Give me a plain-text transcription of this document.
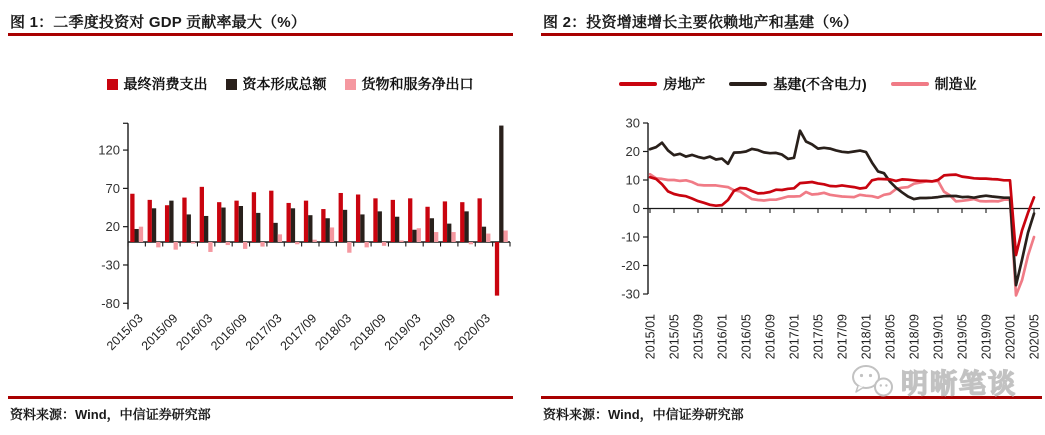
图 1：二季度投资对 GDP 贡献率最大（%）
最终消费支出	资本形成总额	货物和服务净出口
120
70
20
-30
-80
2015/03
2015/09
2016/03
2016/09
2017/03
2017/09
2018/03
2018/09
2019/03
2019/09
2020/03
资料来源：Wind，中信证券研究部
图 2：投资增速增长主要依赖地产和基建（%）
房地产	基建(不含电力)	制造业
30
20
10
0
-10
-20
-30
2015/01 2015/05 2015/09 2016/01 2016/05 2016/09 2017/01 2017/05 2017/09 2018/01 2018/05 2018/09 2019/01 2019/05 2019/09 2020/01 2020/05
资料来源：Wind，中信证券研究部
明晰笔谈
